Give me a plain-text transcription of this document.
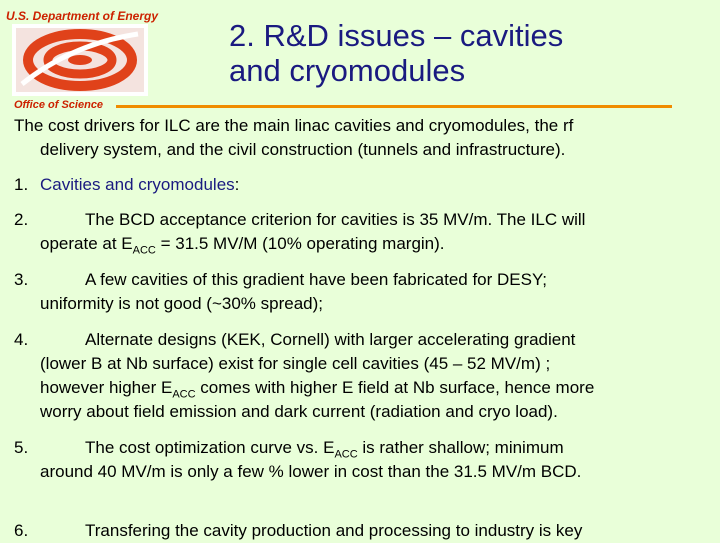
U.S. Department of Energy
Office of Science
2. R&D issues – cavities
and cryomodules
The cost drivers for ILC are the main linac cavities and cryomodules, the rf
delivery system, and the civil construction (tunnels and infrastructure).
1. Cavities and cryomodules:
2.	The BCD acceptance criterion for cavities is 35 MV/m. The ILC will
operate at $E_{ACC} = 31.5$ MV/M (10% operating margin).
3.	A few cavities of this gradient have been fabricated for DESY;
uniformity is not good (~30% spread);
4.	Alternate designs (KEK, Cornell) with larger accelerating gradient
(lower B at Nb surface) exist for single cell cavities (45 – 52 MV/m) ;
however higher $E_{ACC}$ comes with higher E field at Nb surface, hence more
worry about field emission and dark current (radiation and cryo load).
5.	The cost optimization curve vs. $E_{ACC}$ is rather shallow; minimum
around 40 MV/m is only a few % lower in cost than the 31.5 MV/m BCD.
6.	Transfering the cavity production and processing to industry is key
